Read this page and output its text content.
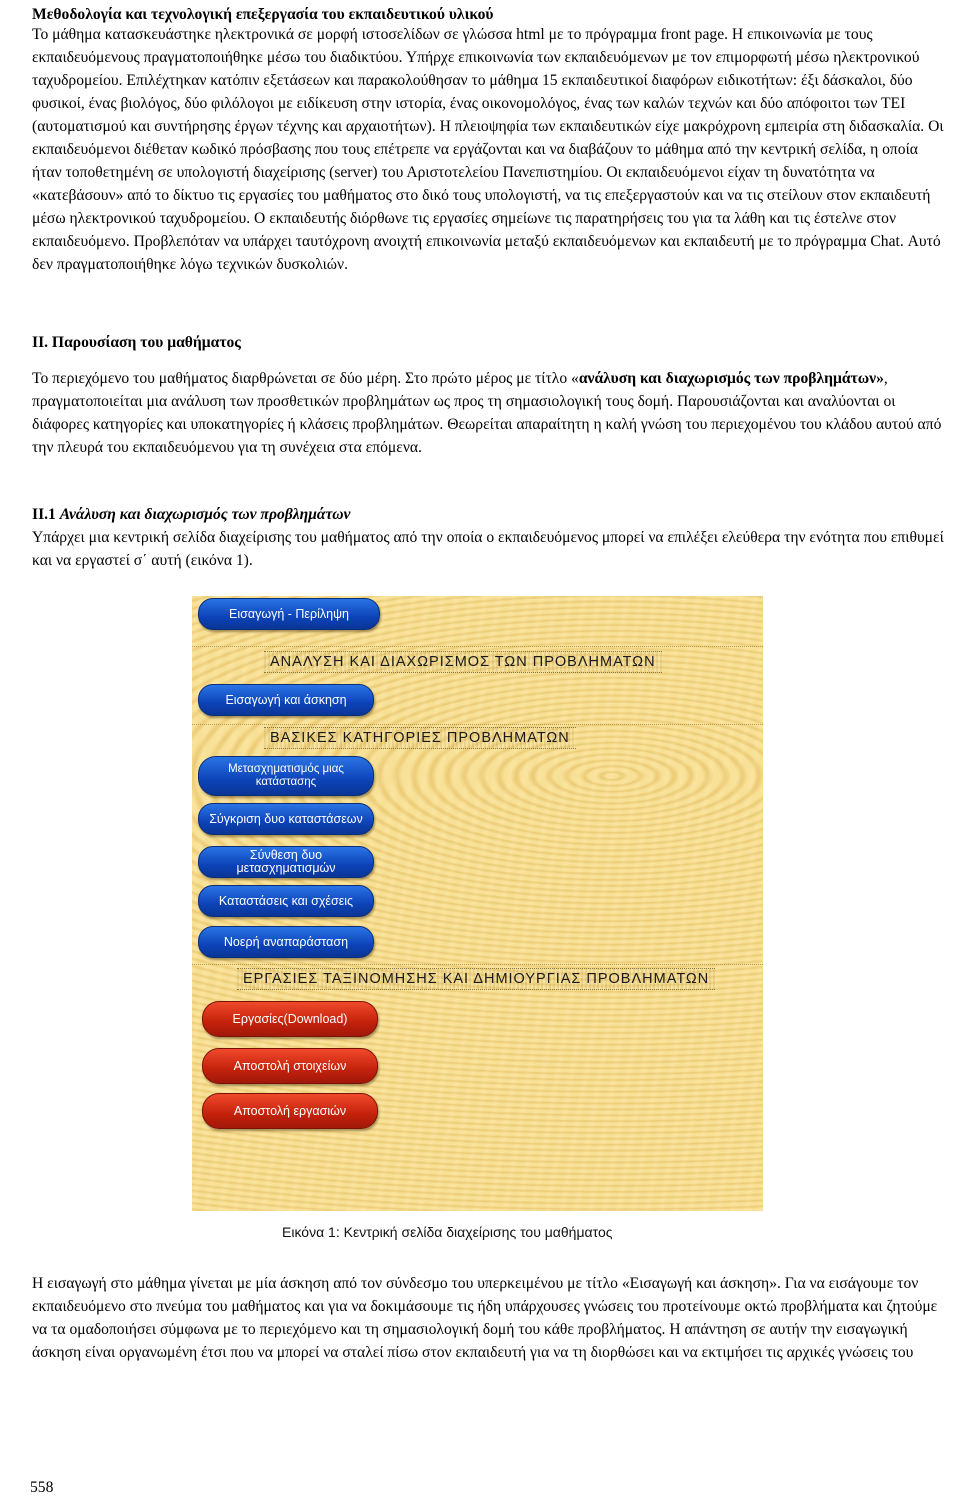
Μεθοδολογία και τεχνολογική επεξεργασία του εκπαιδευτικού υλικού

Το μάθημα κατασκευάστηκε ηλεκτρονικά σε μορφή ιστοσελίδων σε γλώσσα html με το πρόγραμμα front page. Η επικοινωνία με τους εκπαιδευόμενους πραγματοποιήθηκε μέσω του διαδικτύου. Υπήρχε επικοινωνία των εκπαιδευόμενων με τον επιμορφωτή μέσω ηλεκτρονικού ταχυδρομείου. Επιλέχτηκαν κατόπιν εξετάσεων και παρακολούθησαν το μάθημα 15 εκπαιδευτικοί διαφόρων ειδικοτήτων: έξι δάσκαλοι, δύο φυσικοί, ένας βιολόγος, δύο φιλόλογοι με ειδίκευση στην ιστορία, ένας οικονομολόγος, ένας των καλών τεχνών και δύο απόφοιτοι των ΤΕΙ (αυτοματισμού και συντήρησης έργων τέχνης και αρχαιοτήτων). Η πλειοψηφία των εκπαιδευτικών είχε μακρόχρονη εμπειρία στη διδασκαλία. Οι εκπαιδευόμενοι διέθεταν κωδικό πρόσβασης που τους επέτρεπε να εργάζονται και να διαβάζουν το μάθημα από την κεντρική σελίδα, η οποία ήταν τοποθετημένη σε υπολογιστή διαχείρισης (server) του Αριστοτελείου Πανεπιστημίου. Οι εκπαιδευόμενοι είχαν τη δυνατότητα να «κατεβάσουν» από το δίκτυο τις εργασίες του μαθήματος στο δικό τους υπολογιστή, να τις επεξεργαστούν και να τις στείλουν στον εκπαιδευτή μέσω ηλεκτρονικού ταχυδρομείου. Ο εκπαιδευτής διόρθωνε τις εργασίες σημείωνε τις παρατηρήσεις του για τα λάθη και τις έστελνε στον εκπαιδευόμενο. Προβλεπόταν να υπάρχει ταυτόχρονη ανοιχτή επικοινωνία μεταξύ εκπαιδευόμενων και εκπαιδευτή με το πρόγραμμα Chat. Αυτό δεν πραγματοποιήθηκε λόγω τεχνικών δυσκολιών.

ΙΙ. Παρουσίαση του μαθήματος

Το περιεχόμενο του μαθήματος διαρθρώνεται σε δύο μέρη. Στο πρώτο μέρος με τίτλο «ανάλυση και διαχωρισμός των προβλημάτων», πραγματοποιείται μια ανάλυση των προσθετικών προβλημάτων ως προς τη σημασιολογική τους δομή. Παρουσιάζονται και αναλύονται οι διάφορες κατηγορίες και υποκατηγορίες ή κλάσεις προβλημάτων. Θεωρείται απαραίτητη η καλή γνώση του περιεχομένου του κλάδου αυτού από την πλευρά του εκπαιδευόμενου για τη συνέχεια στα επόμενα.

ΙΙ.1 Ανάλυση και διαχωρισμός των προβλημάτων

Υπάρχει μια κεντρική σελίδα διαχείρισης του μαθήματος από την οποία ο εκπαιδευόμενος μπορεί να επιλέξει ελεύθερα την ενότητα που επιθυμεί και να εργαστεί σ΄ αυτή (εικόνα 1).

Εισαγωγή - Περίληψη
ΑΝΑΛΥΣΗ ΚΑΙ ΔΙΑΧΩΡΙΣΜΟΣ ΤΩΝ ΠΡΟΒΛΗΜΑΤΩΝ
Εισαγωγή και άσκηση
ΒΑΣΙΚΕΣ ΚΑΤΗΓΟΡΙΕΣ ΠΡΟΒΛΗΜΑΤΩΝ
Μετασχηματισμός μιας κατάστασης
Σύγκριση δυο καταστάσεων
Σύνθεση δυο μετασχηματισμών
Καταστάσεις και σχέσεις
Νοερή αναπαράσταση
ΕΡΓΑΣΙΕΣ ΤΑΞΙΝΟΜΗΣΗΣ ΚΑΙ ΔΗΜΙΟΥΡΓΙΑΣ ΠΡΟΒΛΗΜΑΤΩΝ
Εργασίες(Download)
Αποστολή στοιχείων
Αποστολή εργασιών
Εικόνα 1: Κεντρική σελίδα διαχείρισης του μαθήματος

Η εισαγωγή στο μάθημα γίνεται με μία άσκηση από τον σύνδεσμο του υπερκειμένου με τίτλο «Εισαγωγή και άσκηση». Για να εισάγουμε τον εκπαιδευόμενο στο πνεύμα του μαθήματος και για να δοκιμάσουμε τις ήδη υπάρχουσες γνώσεις του προτείνουμε οκτώ προβλήματα και ζητούμε να τα ομαδοποιήσει σύμφωνα με το περιεχόμενο και τη σημασιολογική δομή του κάθε προβλήματος. Η απάντηση σε αυτήν την εισαγωγική άσκηση είναι οργανωμένη έτσι που να μπορεί να σταλεί πίσω στον εκπαιδευτή για να τη διορθώσει και να εκτιμήσει τις αρχικές γνώσεις του

558
